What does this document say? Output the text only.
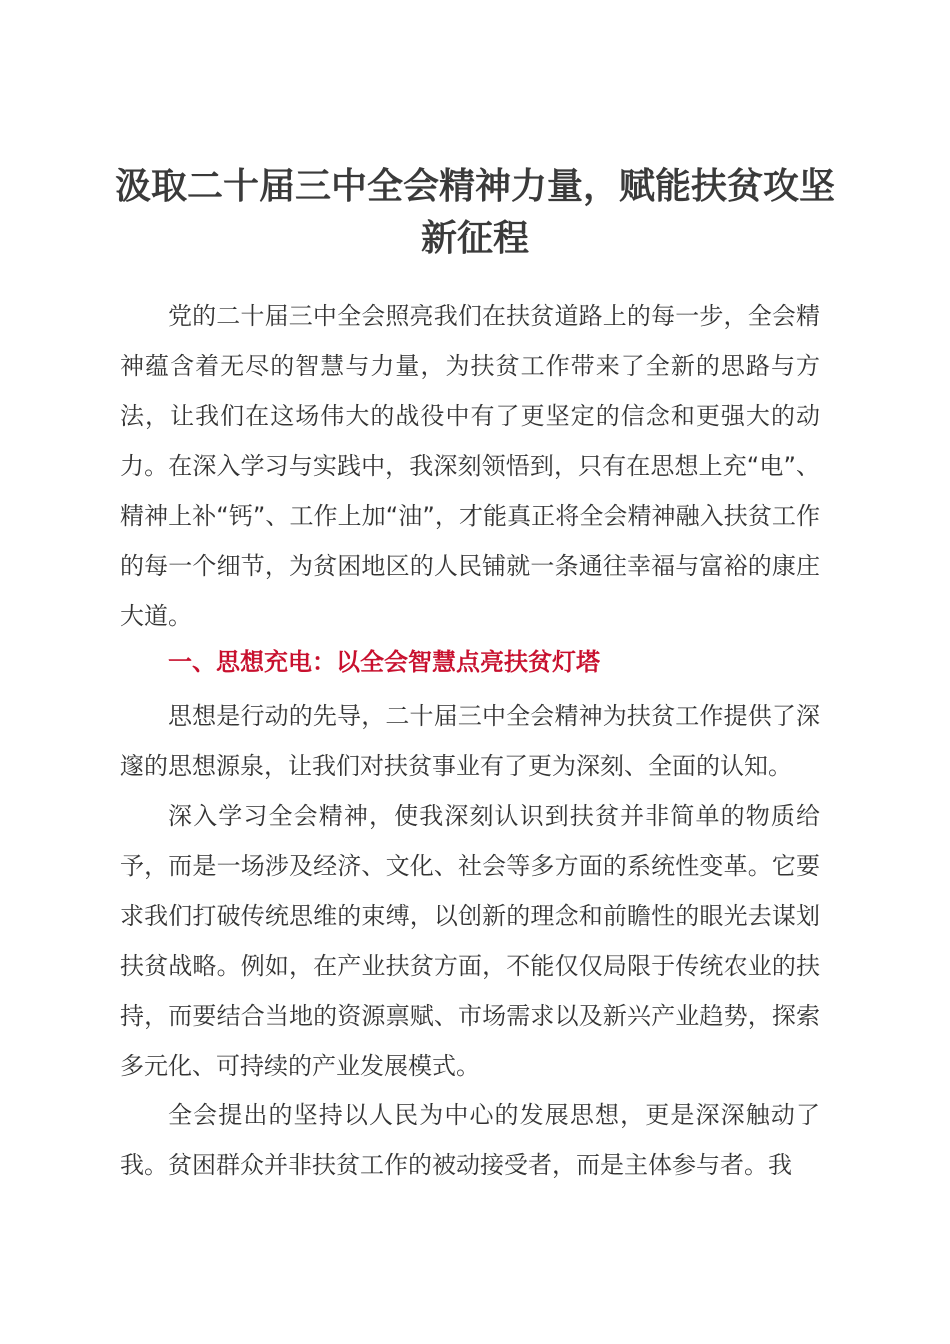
汲取二十届三中全会精神力量，赋能扶贫攻坚新征程

党的二十届三中全会照亮我们在扶贫道路上的每一步，全会精神蕴含着无尽的智慧与力量，为扶贫工作带来了全新的思路与方法，让我们在这场伟大的战役中有了更坚定的信念和更强大的动力。在深入学习与实践中，我深刻领悟到，只有在思想上充“电”、精神上补“钙”、工作上加“油”，才能真正将全会精神融入扶贫工作的每一个细节，为贫困地区的人民铺就一条通往幸福与富裕的康庄大道。

一、思想充电：以全会智慧点亮扶贫灯塔

思想是行动的先导，二十届三中全会精神为扶贫工作提供了深邃的思想源泉，让我们对扶贫事业有了更为深刻、全面的认知。

深入学习全会精神，使我深刻认识到扶贫并非简单的物质给予，而是一场涉及经济、文化、社会等多方面的系统性变革。它要求我们打破传统思维的束缚，以创新的理念和前瞻性的眼光去谋划扶贫战略。例如，在产业扶贫方面，不能仅仅局限于传统农业的扶持，而要结合当地的资源禀赋、市场需求以及新兴产业趋势，探索多元化、可持续的产业发展模式。

全会提出的坚持以人民为中心的发展思想，更是深深触动了我。贫困群众并非扶贫工作的被动接受者，而是主体参与者。我
